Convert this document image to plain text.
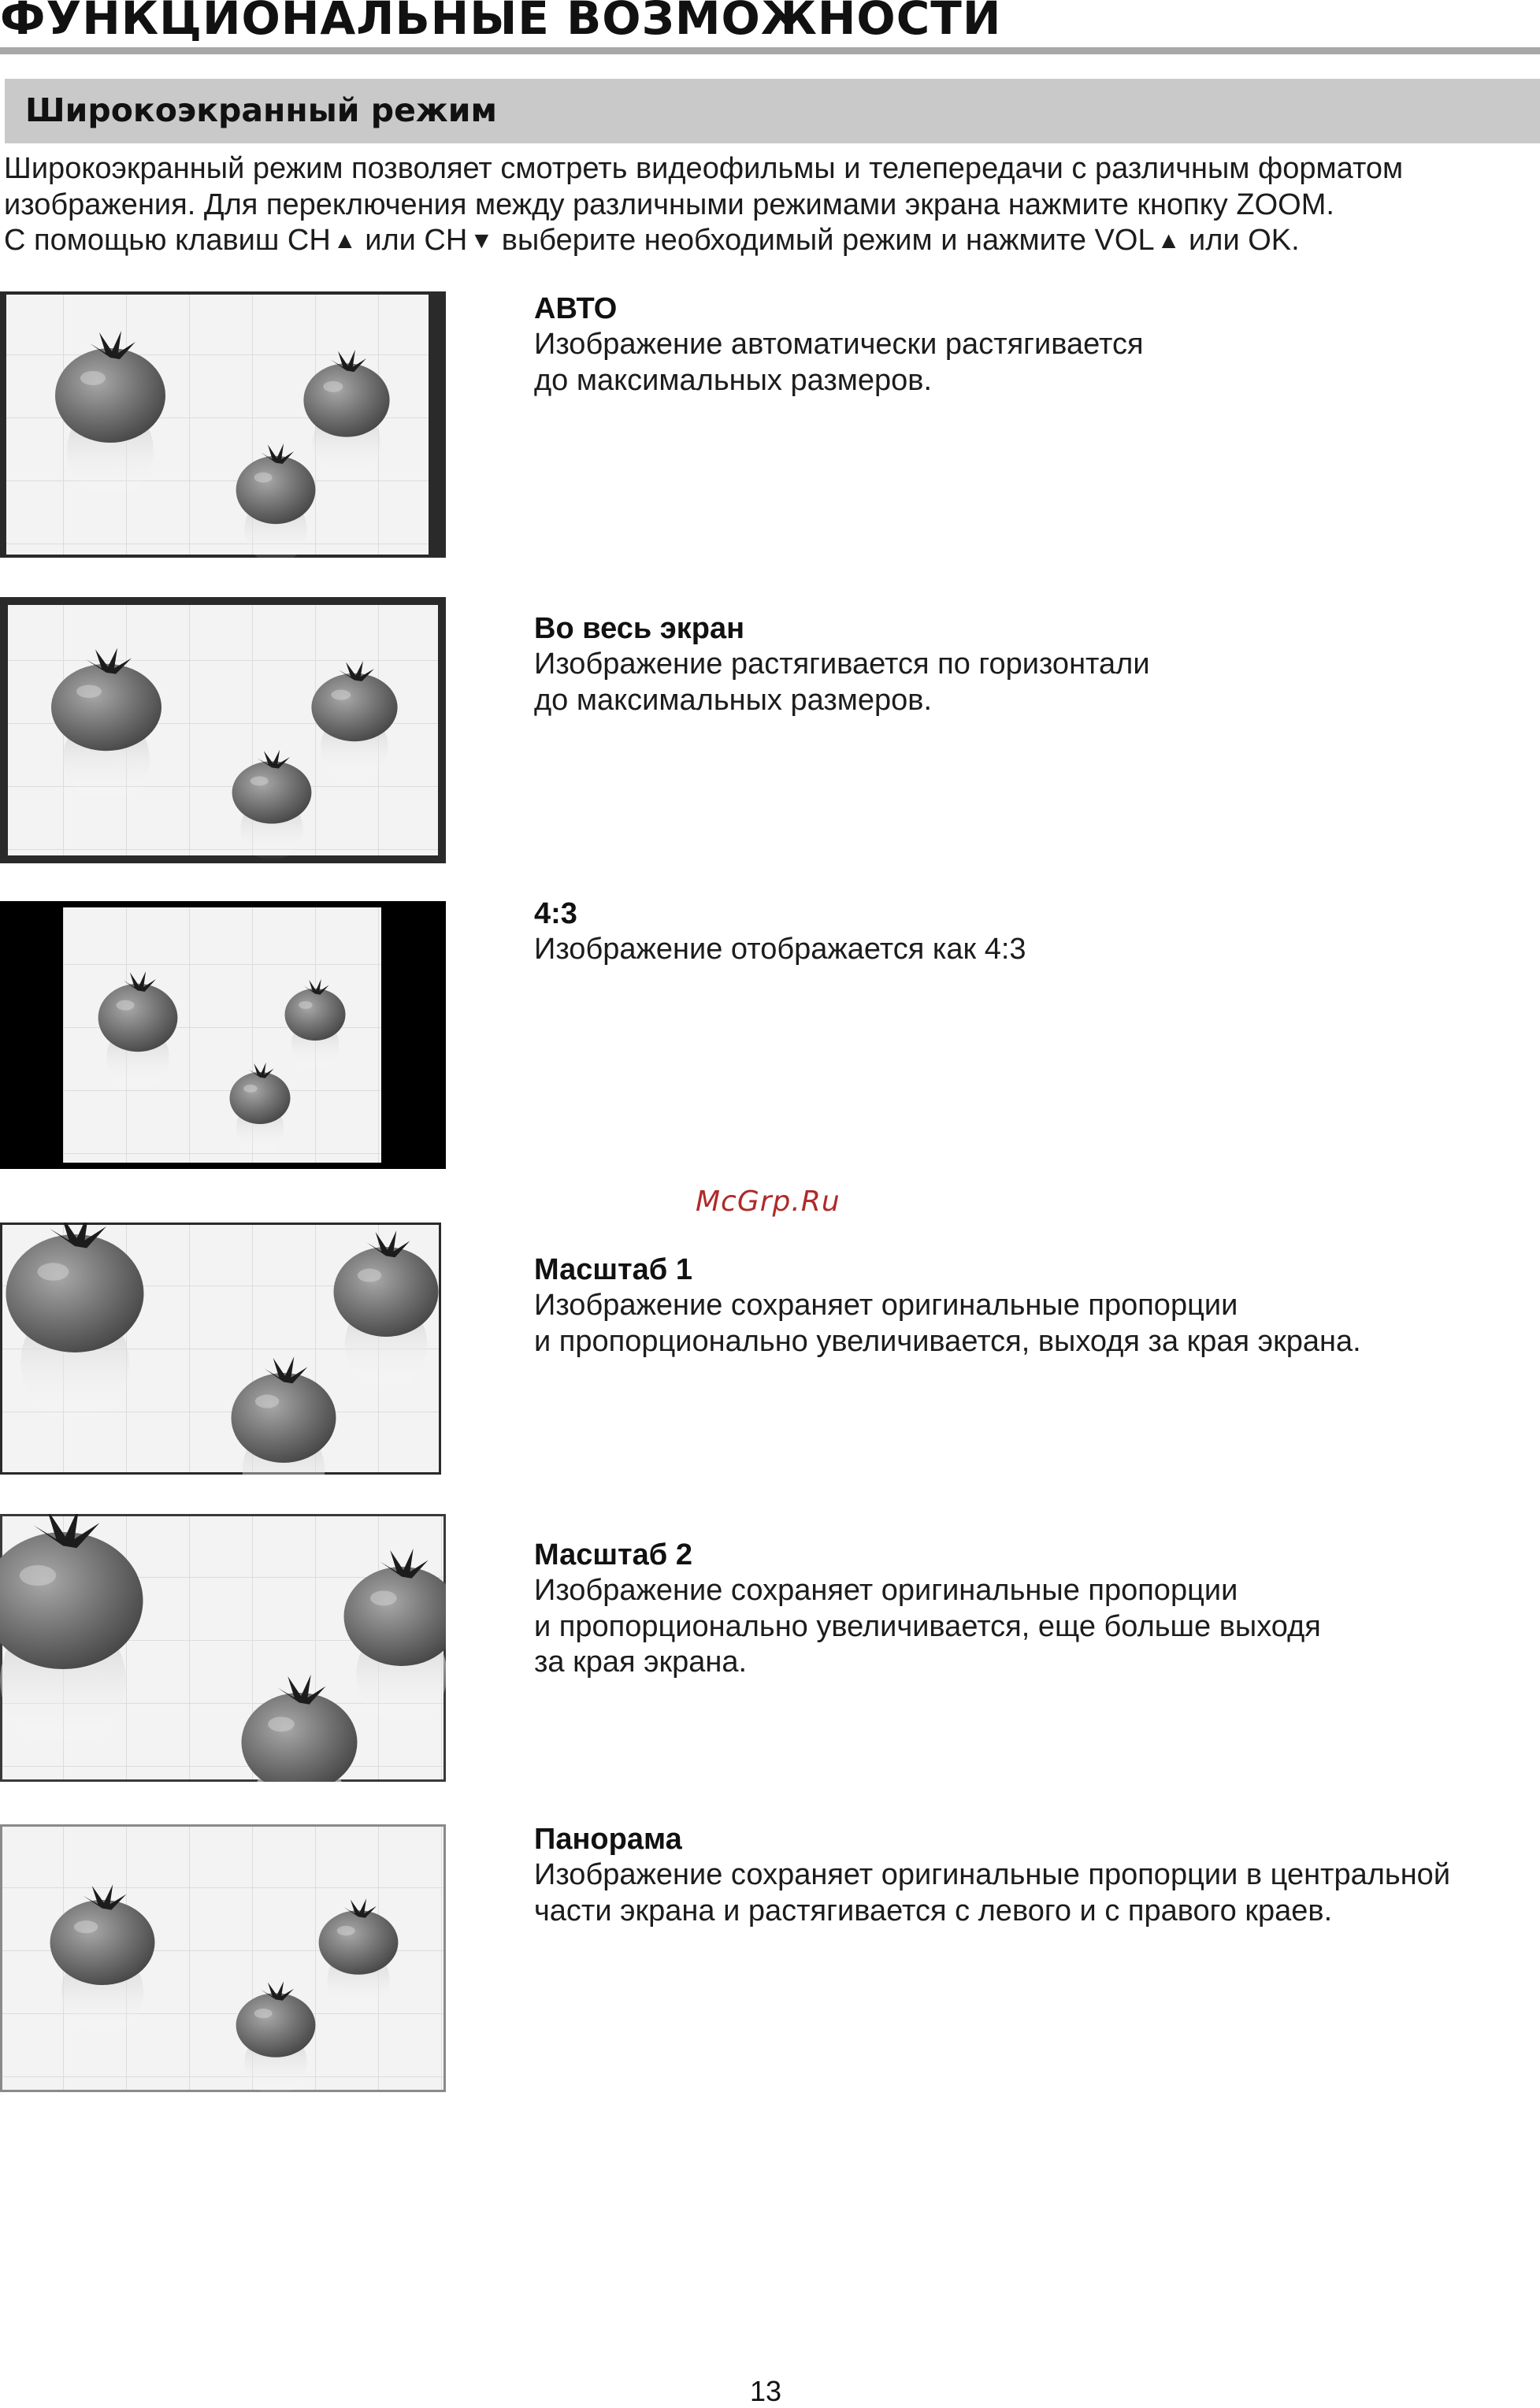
ФУНКЦИОНАЛЬНЫЕ ВОЗМОЖНОСТИ
Широкоэкранный режим

Широкоэкранный режим позволяет смотреть видеофильмы и телепередачи с различным форматом

изображения. Для переключения между различными режимами экрана нажмите кнопку ZOOM.

С помощью клавиш CH  ▲ или CH  ▼ выберите необходимый режим и нажмите VOL  ▲ или OK.

АВТО

Изображение автоматически растягивается

до максимальных размеров.

Во весь экран

Изображение растягивается по горизонтали

до максимальных размеров.

4:3

Изображение отображается как 4:3

McGrp.Ru

Масштаб 1

Изображение сохраняет оригинальные пропорции

и пропорционально увеличивается, выходя за края экрана.

Масштаб 2

Изображение сохраняет оригинальные пропорции

и пропорционально увеличивается, еще больше выходя

за края экрана.

Панорама

Изображение сохраняет оригинальные пропорции в центральной

части экрана и растягивается с левого и с правого краев.

13
